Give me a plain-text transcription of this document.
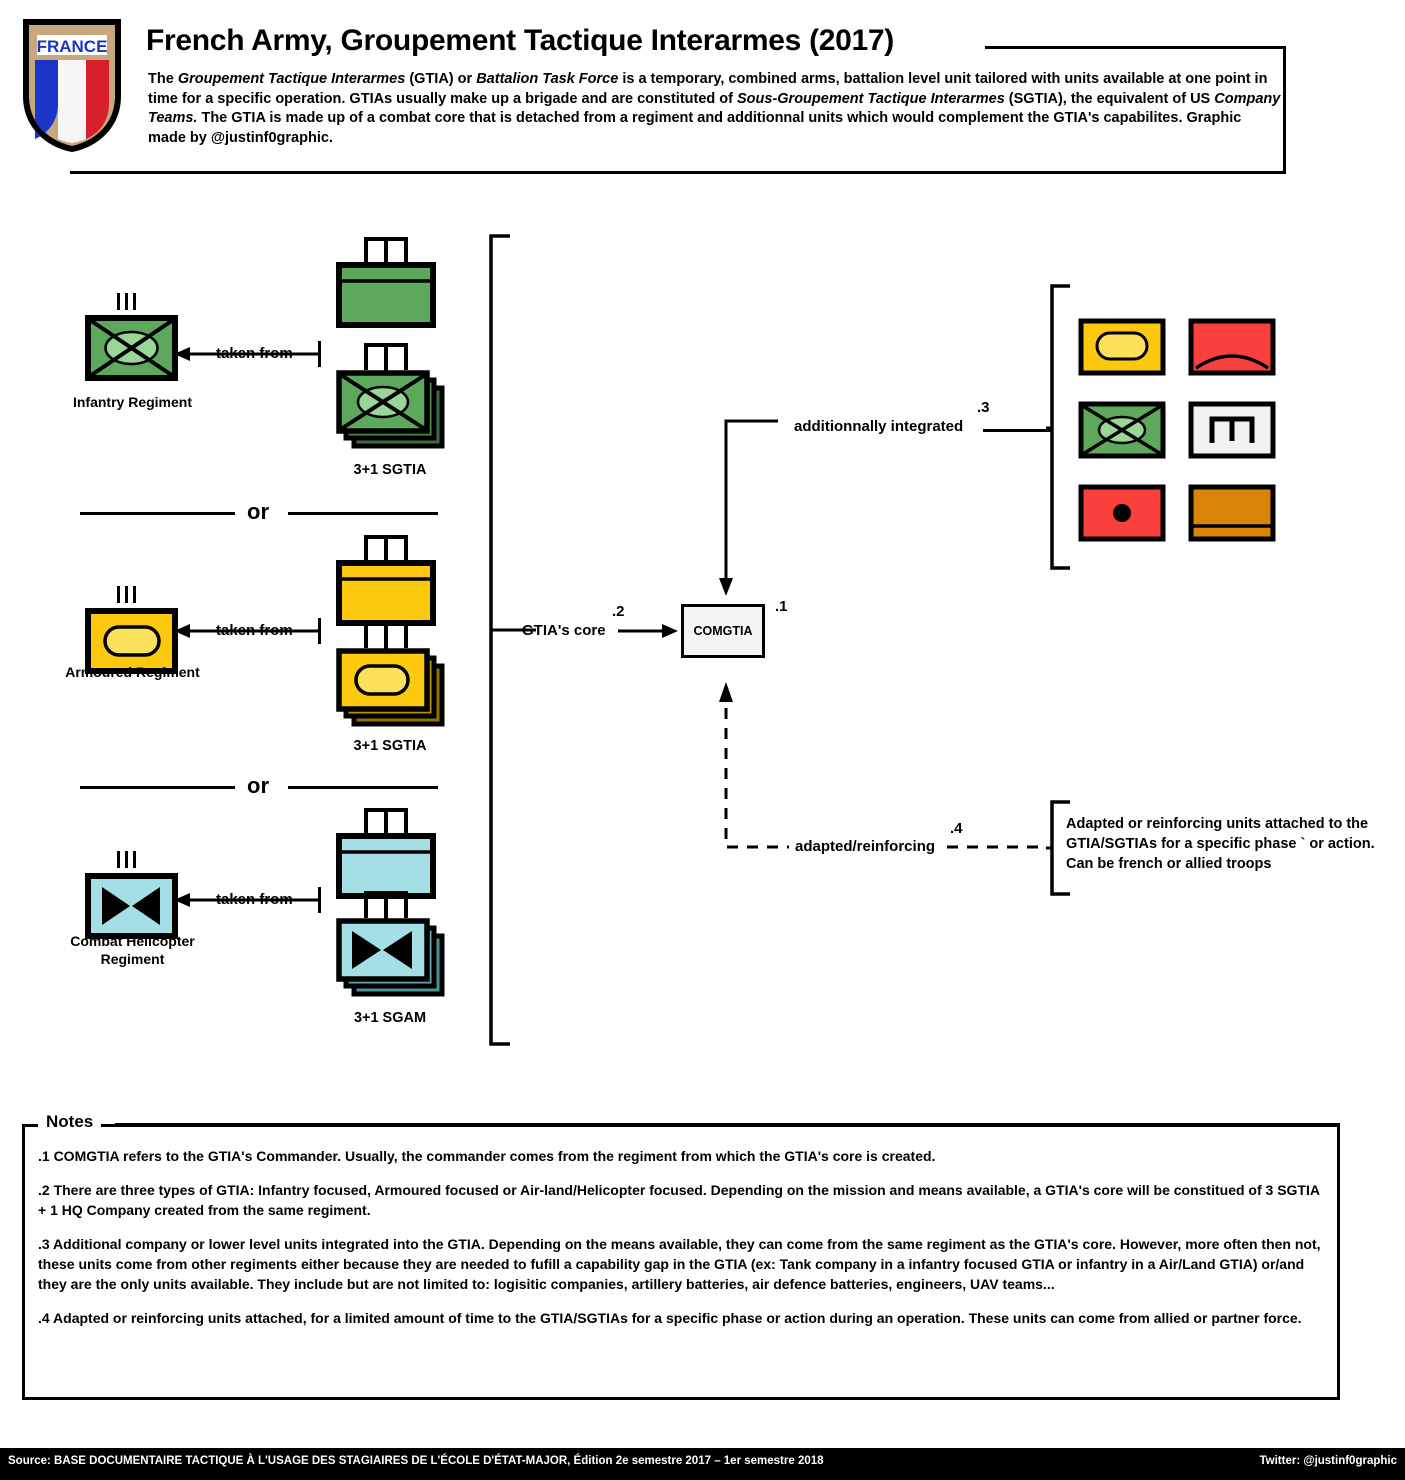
FRANCE French Army, Groupement Tactique Interarmes (2017)
The Groupement Tactique Interarmes (GTIA) or Battalion Task Force is a temporary, combined arms, battalion level unit tailored with units available at one point in time for a specific operation. GTIAs usually make up a brigade and are constituted of Sous-Groupement Tactique Interarmes (SGTIA), the equivalent of US Company Teams. The GTIA is made up of a combat core that is detached from a regiment and additionnal units which would complement the GTIA's capabilites. Graphic made by @justinf0graphic.
Infantry Regiment
taken from
3+1 SGTIA
or
Armoured Regiment
taken from
3+1 SGTIA
or
Combat Helicopter
Regiment
taken from
3+1 SGAM
GTIA's core
.2
COMGTIA
.1
additionnally integrated
.3
adapted/reinforcing
.4	Adapted or reinforcing units attached to the GTIA/SGTIAs for a specific phase ` or action. Can be french or allied troops
Notes

.1 COMGTIA refers to the GTIA's Commander. Usually, the commander comes from the regiment from which the GTIA's core is created.

.2 There are three types of GTIA: Infantry focused, Armoured focused or Air-land/Helicopter focused. Depending on the mission and means available, a GTIA's core will be constitued of 3 SGTIA + 1 HQ Company created from the same regiment.

.3 Additional company or lower level units integrated into the GTIA. Depending on the means available, they can come from the same regiment as the GTIA's core. However, more often then not, these units come from other regiments either because they are needed to fufill a capability gap in the GTIA (ex: Tank company in a infantry focused GTIA or infantry in a Air/Land GTIA) or/and they are the only units available. They include but are not limited to: logisitic companies, artillery batteries, air defence batteries, engineers, UAV teams...

.4 Adapted or reinforcing units attached, for a limited amount of time to the GTIA/SGTIAs for a specific phase or action during an operation. These units can come from allied or partner force.

Source: BASE DOCUMENTAIRE TACTIQUE À L'USAGE DES STAGIAIRES DE L'ÉCOLE D'ÉTAT-MAJOR, Édition 2e semestre 2017 – 1er semestre 2018	Twitter: @justinf0graphic
